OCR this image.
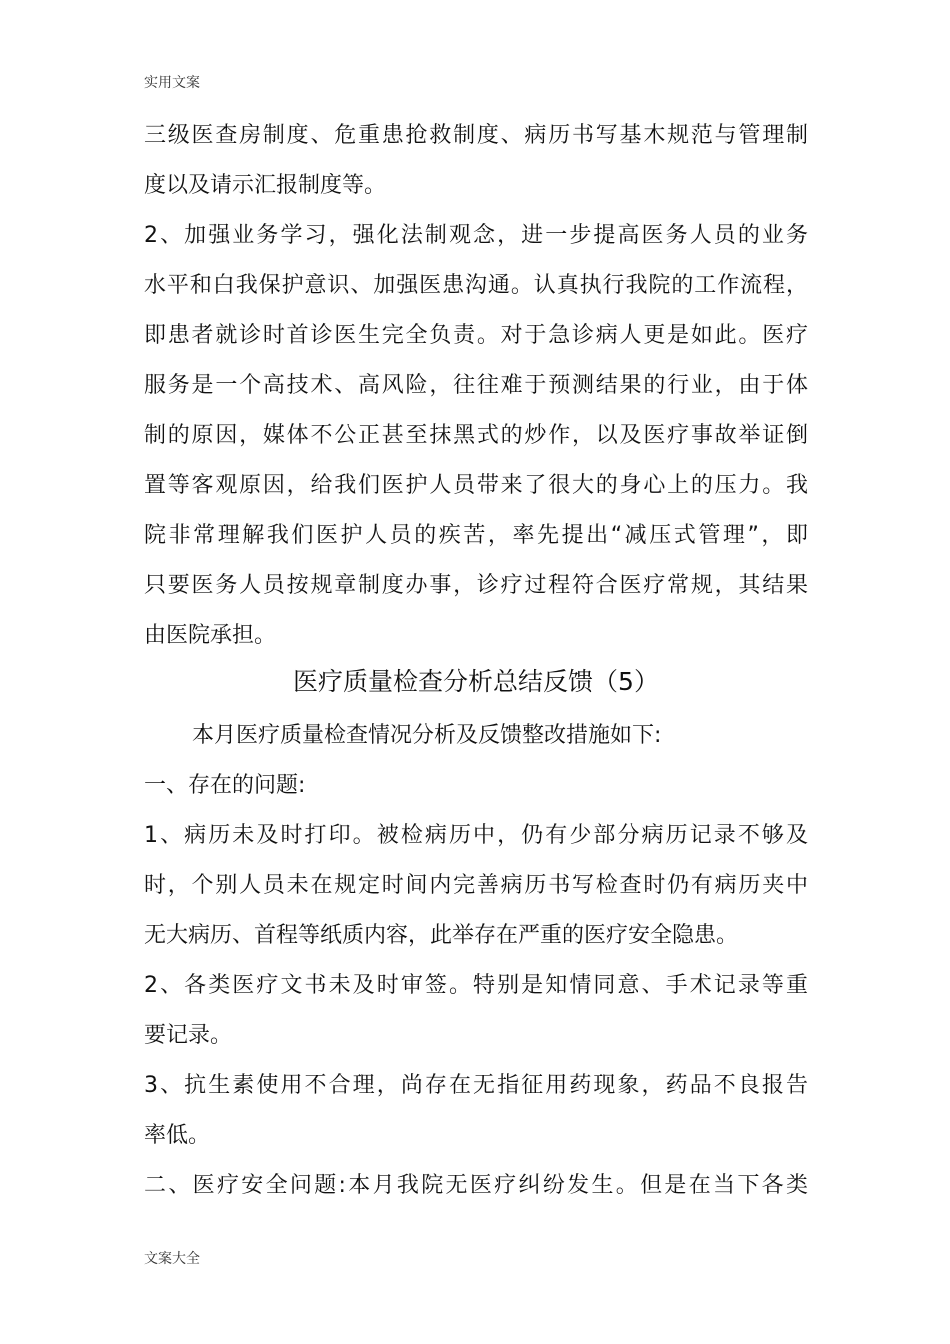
实用文案
三级医查房制度、危重患抢救制度、病历书写基木规范与管理制
度以及请示汇报制度等。
2、加强业务学习，强化法制观念，进一步提高医务人员的业务
水平和白我保护意识、加强医患沟通。认真执行我院的工作流程，
即患者就诊时首诊医生完全负责。对于急诊病人更是如此。医疗
服务是一个高技术、高风险，往往难于预测结果的行业，由于体
制的原因，媒体不公正甚至抹黑式的炒作，以及医疗事故举证倒
置等客观原因，给我们医护人员带来了很大的身心上的压力。我
院非常理解我们医护人员的疾苦，率先提出“减压式管理”，即
只要医务人员按规章制度办事，诊疗过程符合医疗常规，其结果
由医院承担。
医疗质量检查分析总结反馈（5）
本月医疗质量检查情况分析及反馈整改措施如下:
一、存在的问题:
1、病历未及时打印。被检病历中，仍有少部分病历记录不够及
时，个别人员未在规定时间内完善病历书写检查时仍有病历夹中
无大病历、首程等纸质内容，此举存在严重的医疗安全隐患。
2、各类医疗文书未及时审签。特别是知情同意、手术记录等重
要记录。
3、抗生素使用不合理，尚存在无指征用药现象，药品不良报告
率低。
二、医疗安全问题:本月我院无医疗纠纷发生。但是在当下各类
文案大全
